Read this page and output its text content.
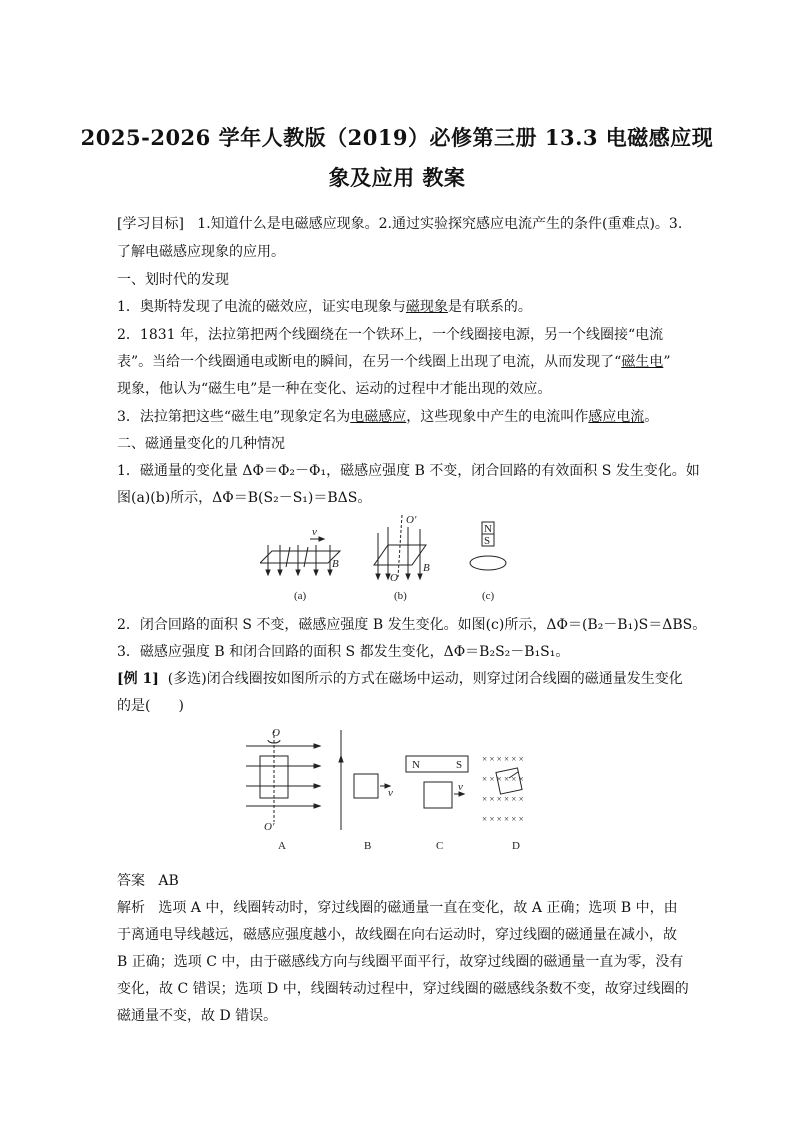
2025-2026 学年人教版（2019）必修第三册 13.3 电磁感应现
象及应用 教案
[学习目标] 1.知道什么是电磁感应现象。2.通过实验探究感应电流产生的条件(重难点)。3.
了解电磁感应现象的应用。
一、划时代的发现
1．奥斯特发现了电流的磁效应，证实电现象与磁现象是有联系的。
2．1831 年，法拉第把两个线圈绕在一个铁环上，一个线圈接电源，另一个线圈接“电流
表”。当给一个线圈通电或断电的瞬间，在另一个线圈上出现了电流，从而发现了“磁生电”
现象，他认为“磁生电”是一种在变化、运动的过程中才能出现的效应。
3．法拉第把这些“磁生电”现象定名为电磁感应，这些现象中产生的电流叫作感应电流。
二、磁通量变化的几种情况
1．磁通量的变化量 ΔΦ＝Φ₂－Φ₁，磁感应强度 B 不变，闭合回路的有效面积 S 发生变化。如
图(a)(b)所示，ΔΦ＝B(S₂－S₁)＝BΔS。
v
B
(a)
O′
O
B
(b)
N
S
(c)
2．闭合回路的面积 S 不变，磁感应强度 B 发生变化。如图(c)所示，ΔΦ＝(B₂－B₁)S＝ΔBS。
3．磁感应强度 B 和闭合回路的面积 S 都发生变化，ΔΦ＝B₂S₂－B₁S₁。
[例 1] (多选)闭合线圈按如图所示的方式在磁场中运动，则穿过闭合线圈的磁通量发生变化
的是(　　)
O
O′
A
v
B
N	S
v
C
× × × × × ×
× × × × × ×
× × × × × ×
× × × × × ×
D
答案 AB
解析 选项 A 中，线圈转动时，穿过线圈的磁通量一直在变化，故 A 正确；选项 B 中，由
于离通电导线越远，磁感应强度越小，故线圈在向右运动时，穿过线圈的磁通量在减小，故
B 正确；选项 C 中，由于磁感线方向与线圈平面平行，故穿过线圈的磁通量一直为零，没有
变化，故 C 错误；选项 D 中，线圈转动过程中，穿过线圈的磁感线条数不变，故穿过线圈的
磁通量不变，故 D 错误。
